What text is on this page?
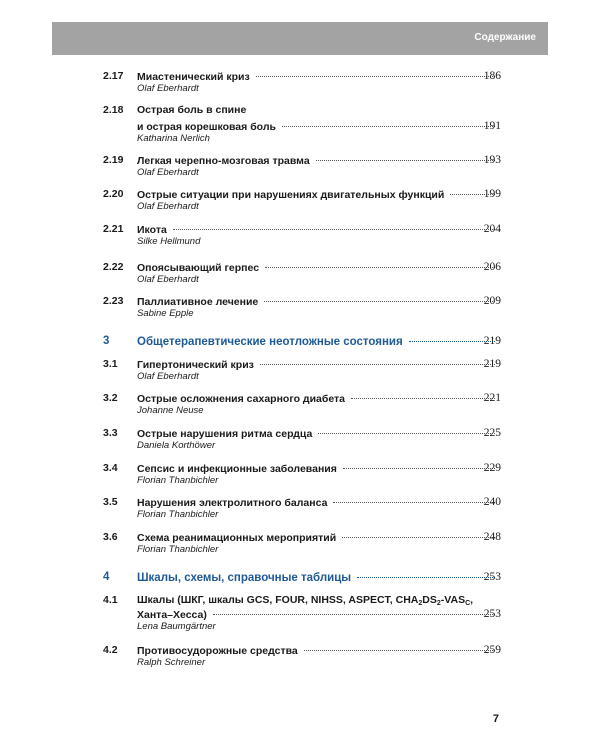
Содержание
2.17 Миастенический криз	186
Olaf Eberhardt
2.18 Острая боль в спине
и острая корешковая боль	191
Katharina Nerlich
2.19 Легкая черепно-мозговая травма	193
Olaf Eberhardt
2.20 Острые ситуации при нарушениях двигательных функций	199
Olaf Eberhardt
2.21 Икота	204
Silke Hellmund
2.22 Опоясывающий герпес	206
Olaf Eberhardt
2.23 Паллиативное лечение	209
Sabine Epple
3 Общетерапевтические неотложные состояния	219
3.1 Гипертонический криз	219
Olaf Eberhardt
3.2 Острые осложнения сахарного диабета	221
Johanne Neuse
3.3 Острые нарушения ритма сердца	225
Daniela Korthöwer
3.4 Сепсис и инфекционные заболевания	229
Florian Thanbichler
3.5 Нарушения электролитного баланса	240
Florian Thanbichler
3.6 Схема реанимационных мероприятий	248
Florian Thanbichler
4 Шкалы, схемы, справочные таблицы	253
4.1 Шкалы (ШКГ, шкалы GCS, FOUR, NIHSS, ASPECT, $CHA_2DS_2-VAS_C$,
Ханта–Хесса)	253
Lena Baumgärtner
4.2 Противосудорожные средства	259
Ralph Schreiner
7
